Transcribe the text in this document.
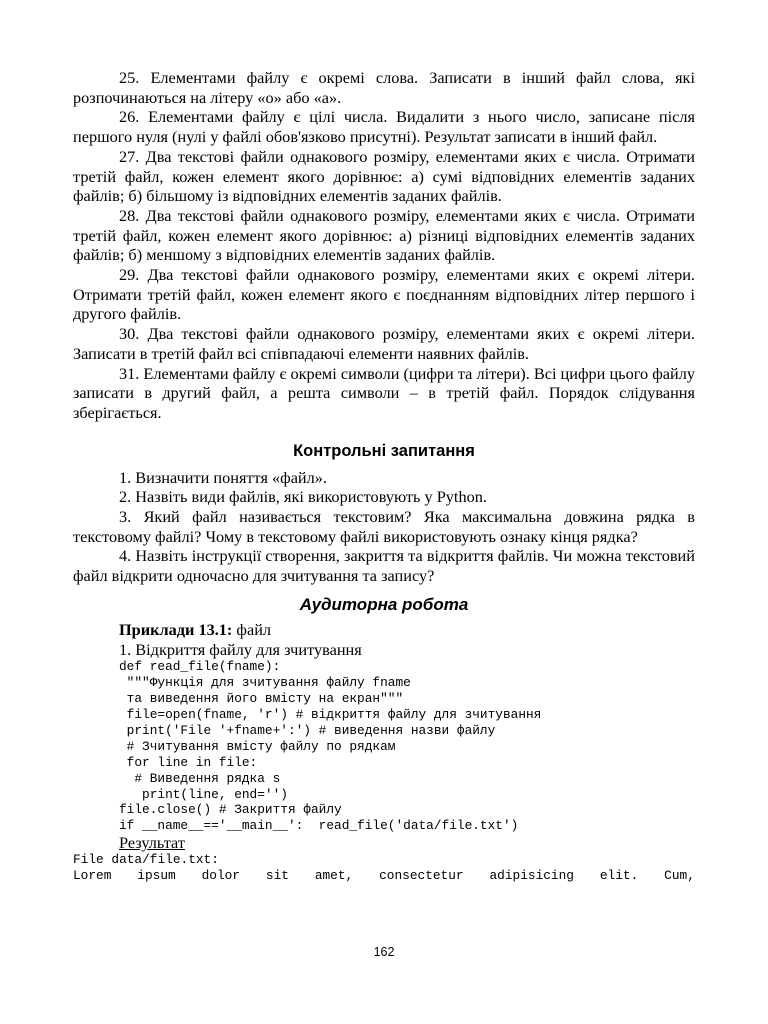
25. Елементами файлу є окремі слова. Записати в інший файл слова, які розпочинаються на літеру «о» або «а».

26. Елементами файлу є цілі числа. Видалити з нього число, записане після першого нуля (нулі у файлі обов'язково присутні). Результат записати в інший файл.

27. Два текстові файли однакового розміру, елементами яких є числа. Отримати третій файл, кожен елемент якого дорівнює: а) сумі відповідних елементів заданих файлів; б) більшому із відповідних елементів заданих файлів.

28. Два текстові файли однакового розміру, елементами яких є числа. Отримати третій файл, кожен елемент якого дорівнює: а) різниці відповідних елементів заданих файлів; б) меншому з відповідних елементів заданих файлів.

29. Два текстові файли однакового розміру, елементами яких є окремі літери. Отримати третій файл, кожен елемент якого є поєднанням відповідних літер першого і другого файлів.

30. Два текстові файли однакового розміру, елементами яких є окремі літери. Записати в третій файл всі співпадаючі елементи наявних файлів.

31. Елементами файлу є окремі символи (цифри та літери). Всі цифри цього файлу записати в другий файл, а решта символи – в третій файл. Порядок слідування зберігається.

Контрольні запитання

1. Визначити поняття «файл».

2. Назвіть види файлів, які використовують у Python.

3. Який файл називається текстовим? Яка максимальна довжина рядка в текстовому файлі? Чому в текстовому файлі використовують ознаку кінця рядка?

4. Назвіть інструкції створення, закриття та відкриття файлів. Чи можна текстовий файл відкрити одночасно для зчитування та запису?

Аудиторна робота

Приклади 13.1: файл

1. Відкриття файлу для зчитування

def read_file(fname):
"""Функція для зчитування файлу fname
та виведення його вмісту на екран"""
file=open(fname, 'r') # відкриття файлу для зчитування
print('File '+fname+':') # виведення назви файлу
# Зчитування вмісту файлу по рядкам
for line in file:
# Виведення рядка s
print(line, end='')
file.close() # Закриття файлу
if __name__=='__main__':  read_file('data/file.txt')

Результат

File data/file.txt:
Lorem ipsum dolor sit amet, consectetur adipisicing elit. Cum,
162
